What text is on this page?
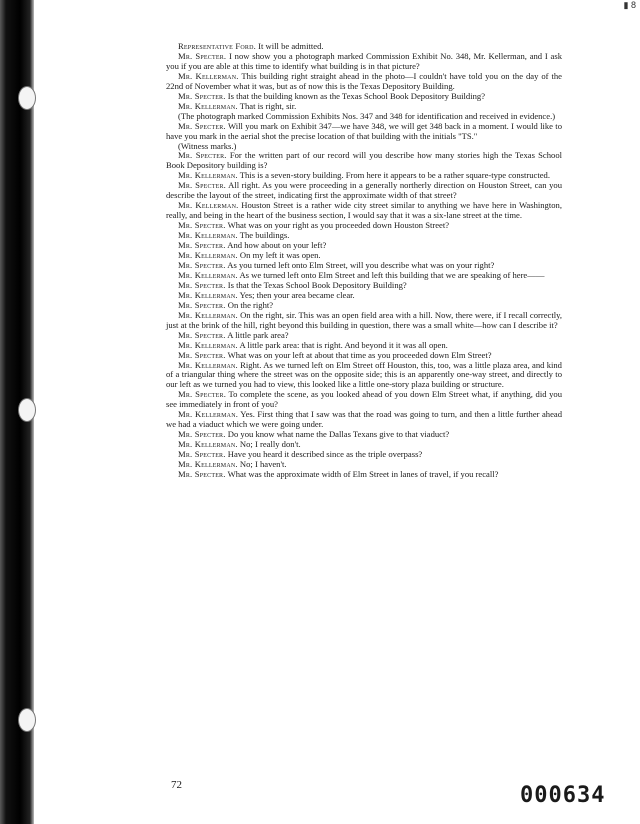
▮ 8

Representative Ford. It will be admitted.

Mr. Specter. I now show you a photograph marked Commission Exhibit No. 348, Mr. Kellerman, and I ask you if you are able at this time to identify what building is in that picture?

Mr. Kellerman. This building right straight ahead in the photo—I couldn't have told you on the day of the 22nd of November what it was, but as of now this is the Texas Depository Building.

Mr. Specter. Is that the building known as the Texas School Book Depository Building?

Mr. Kellerman. That is right, sir.

(The photograph marked Commission Exhibits Nos. 347 and 348 for identification and received in evidence.)

Mr. Specter. Will you mark on Exhibit 347—we have 348, we will get 348 back in a moment. I would like to have you mark in the aerial shot the precise location of that building with the initials "TS."

(Witness marks.)

Mr. Specter. For the written part of our record will you describe how many stories high the Texas School Book Depository building is?

Mr. Kellerman. This is a seven-story building. From here it appears to be a rather square-type constructed.

Mr. Specter. All right. As you were proceeding in a generally northerly direction on Houston Street, can you describe the layout of the street, indicating first the approximate width of that street?

Mr. Kellerman. Houston Street is a rather wide city street similar to anything we have here in Washington, really, and being in the heart of the business section, I would say that it was a six-lane street at the time.

Mr. Specter. What was on your right as you proceeded down Houston Street?

Mr. Kellerman. The buildings.

Mr. Specter. And how about on your left?

Mr. Kellerman. On my left it was open.

Mr. Specter. As you turned left onto Elm Street, will you describe what was on your right?

Mr. Kellerman. As we turned left onto Elm Street and left this building that we are speaking of here——

Mr. Specter. Is that the Texas School Book Depository Building?

Mr. Kellerman. Yes; then your area became clear.

Mr. Specter. On the right?

Mr. Kellerman. On the right, sir. This was an open field area with a hill. Now, there were, if I recall correctly, just at the brink of the hill, right beyond this building in question, there was a small white—how can I describe it?

Mr. Specter. A little park area?

Mr. Kellerman. A little park area: that is right. And beyond it it was all open.

Mr. Specter. What was on your left at about that time as you proceeded down Elm Street?

Mr. Kellerman. Right. As we turned left on Elm Street off Houston, this, too, was a little plaza area, and kind of a triangular thing where the street was on the opposite side; this is an apparently one-way street, and directly to our left as we turned you had to view, this looked like a little one-story plaza building or structure.

Mr. Specter. To complete the scene, as you looked ahead of you down Elm Street what, if anything, did you see immediately in front of you?

Mr. Kellerman. Yes. First thing that I saw was that the road was going to turn, and then a little further ahead we had a viaduct which we were going under.

Mr. Specter. Do you know what name the Dallas Texans give to that viaduct?

Mr. Kellerman. No; I really don't.

Mr. Specter. Have you heard it described since as the triple overpass?

Mr. Kellerman. No; I haven't.

Mr. Specter. What was the approximate width of Elm Street in lanes of travel, if you recall?

72	000634
